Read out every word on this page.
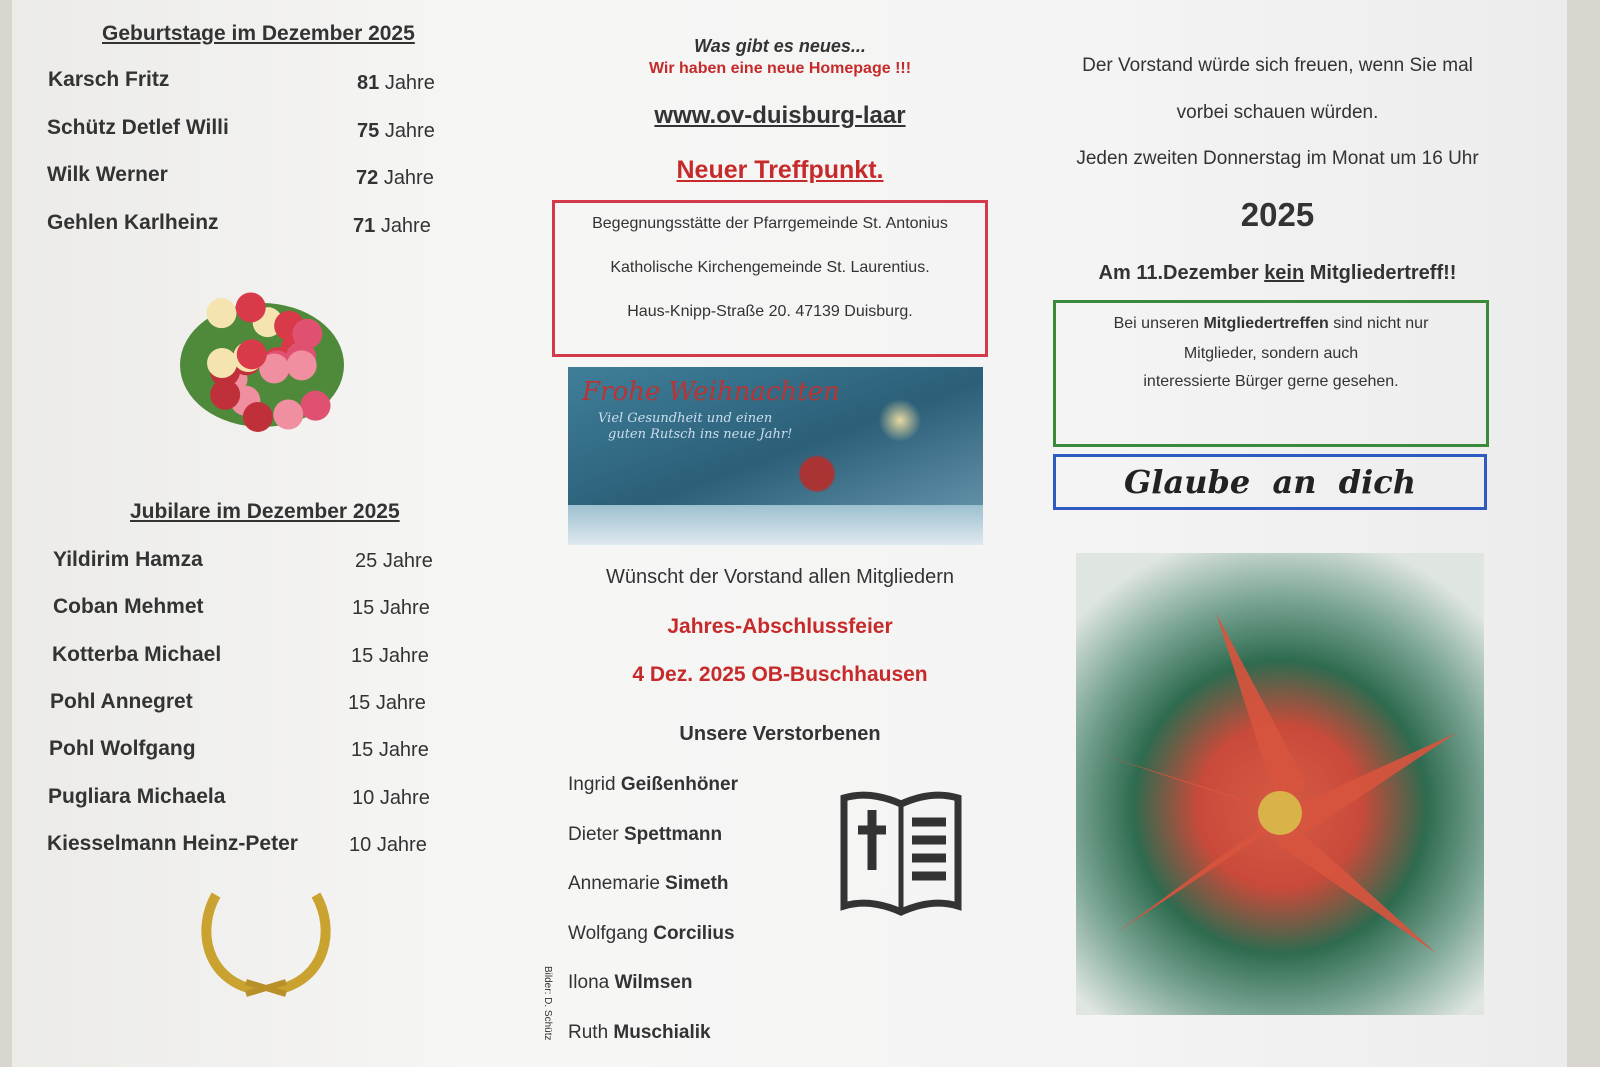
Geburtstage im Dezember 2025
Karsch Fritz	81 Jahre
Schütz Detlef Willi	75 Jahre
Wilk Werner	72 Jahre
Gehlen Karlheinz	71 Jahre
Jubilare im Dezember 2025
Yildirim Hamza	25 Jahre
Coban Mehmet	15 Jahre
Kotterba Michael	15 Jahre
Pohl Annegret	15 Jahre
Pohl Wolfgang	15 Jahre
Pugliara Michaela	10 Jahre
Kiesselmann Heinz-Peter	10 Jahre
Was gibt es neues...
Wir haben eine neue Homepage !!!
www.ov-duisburg-laar
Neuer Treffpunkt.
Begegnungsstätte der Pfarrgemeinde St. Antonius
Katholische Kirchengemeinde St. Laurentius.
Haus-Knipp-Straße 20. 47139 Duisburg.
Frohe Weihnachten
Viel Gesundheit und einen
guten Rutsch ins neue Jahr!
Wünscht der Vorstand allen Mitgliedern
Jahres-Abschlussfeier
4 Dez. 2025 OB-Buschhausen
Unsere Verstorbenen
Ingrid Geißenhöner
Dieter Spettmann
Annemarie Simeth
Wolfgang Corcilius
Ilona Wilmsen
Ruth Muschialik
Bilder: D. Schütz
Der Vorstand würde sich freuen, wenn Sie mal
vorbei schauen würden.
Jeden zweiten Donnerstag im Monat um 16 Uhr
2025
Am 11.Dezember kein Mitgliedertreff!!
Bei unseren Mitgliedertreffen sind nicht nur
Mitglieder, sondern auch
interessierte Bürger gerne gesehen.
Glaube  an  dich
